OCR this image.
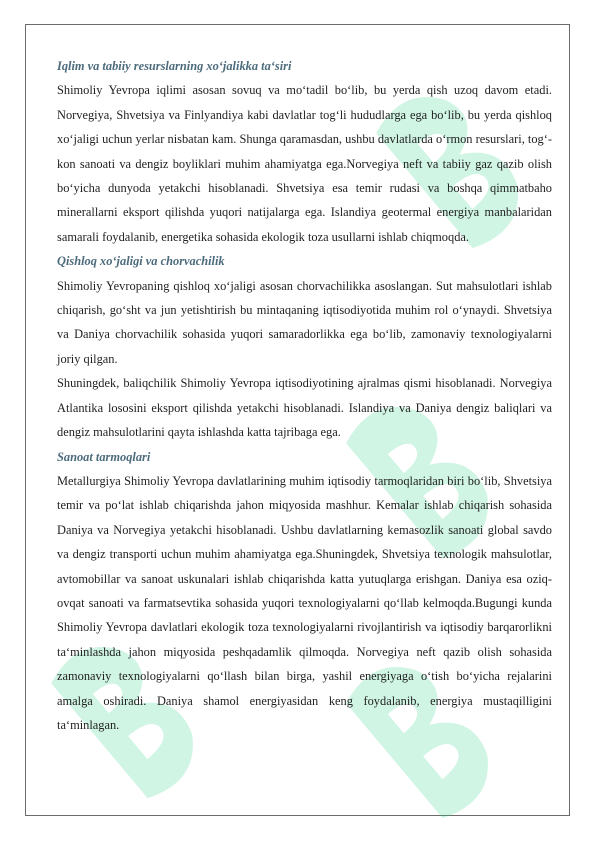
Iqlim va tabiiy resurslarning xo‘jalikka ta‘siri

Shimoliy Yevropa iqlimi asosan sovuq va mo‘tadil bo‘lib, bu yerda qish uzoq davom etadi. Norvegiya, Shvetsiya va Finlyandiya kabi davlatlar tog‘li hududlarga ega bo‘lib, bu yerda qishloq xo‘jaligi uchun yerlar nisbatan kam. Shunga qaramasdan, ushbu davlatlarda o‘rmon resurslari, tog‘-kon sanoati va dengiz boyliklari muhim ahamiyatga ega.Norvegiya neft va tabiiy gaz qazib olish bo‘yicha dunyoda yetakchi hisoblanadi. Shvetsiya esa temir rudasi va boshqa qimmatbaho minerallarni eksport qilishda yuqori natijalarga ega. Islandiya geotermal energiya manbalaridan samarali foydalanib, energetika sohasida ekologik toza usullarni ishlab chiqmoqda.

Qishloq xo‘jaligi va chorvachilik

Shimoliy Yevropaning qishloq xo‘jaligi asosan chorvachilikka asoslangan. Sut mahsulotlari ishlab chiqarish, go‘sht va jun yetishtirish bu mintaqaning iqtisodiyotida muhim rol o‘ynaydi. Shvetsiya va Daniya chorvachilik sohasida yuqori samaradorlikka ega bo‘lib, zamonaviy texnologiyalarni joriy qilgan.

Shuningdek, baliqchilik Shimoliy Yevropa iqtisodiyotining ajralmas qismi hisoblanadi. Norvegiya Atlantika lososini eksport qilishda yetakchi hisoblanadi. Islandiya va Daniya dengiz baliqlari va dengiz mahsulotlarini qayta ishlashda katta tajribaga ega.

Sanoat tarmoqlari

Metallurgiya Shimoliy Yevropa davlatlarining muhim iqtisodiy tarmoqlaridan biri bo‘lib, Shvetsiya temir va po‘lat ishlab chiqarishda jahon miqyosida mashhur. Kemalar ishlab chiqarish sohasida Daniya va Norvegiya yetakchi hisoblanadi. Ushbu davlatlarning kemasozlik sanoati global savdo va dengiz transporti uchun muhim ahamiyatga ega.Shuningdek, Shvetsiya texnologik mahsulotlar, avtomobillar va sanoat uskunalari ishlab chiqarishda katta yutuqlarga erishgan. Daniya esa oziq-ovqat sanoati va farmatsevtika sohasida yuqori texnologiyalarni qo‘llab kelmoqda.Bugungi kunda Shimoliy Yevropa davlatlari ekologik toza texnologiyalarni rivojlantirish va iqtisodiy barqarorlikni ta‘minlashda jahon miqyosida peshqadamlik qilmoqda. Norvegiya neft qazib olish sohasida zamonaviy texnologiyalarni qo‘llash bilan birga, yashil energiyaga o‘tish bo‘yicha rejalarini amalga oshiradi. Daniya shamol energiyasidan keng foydalanib, energiya mustaqilligini ta‘minlagan.
